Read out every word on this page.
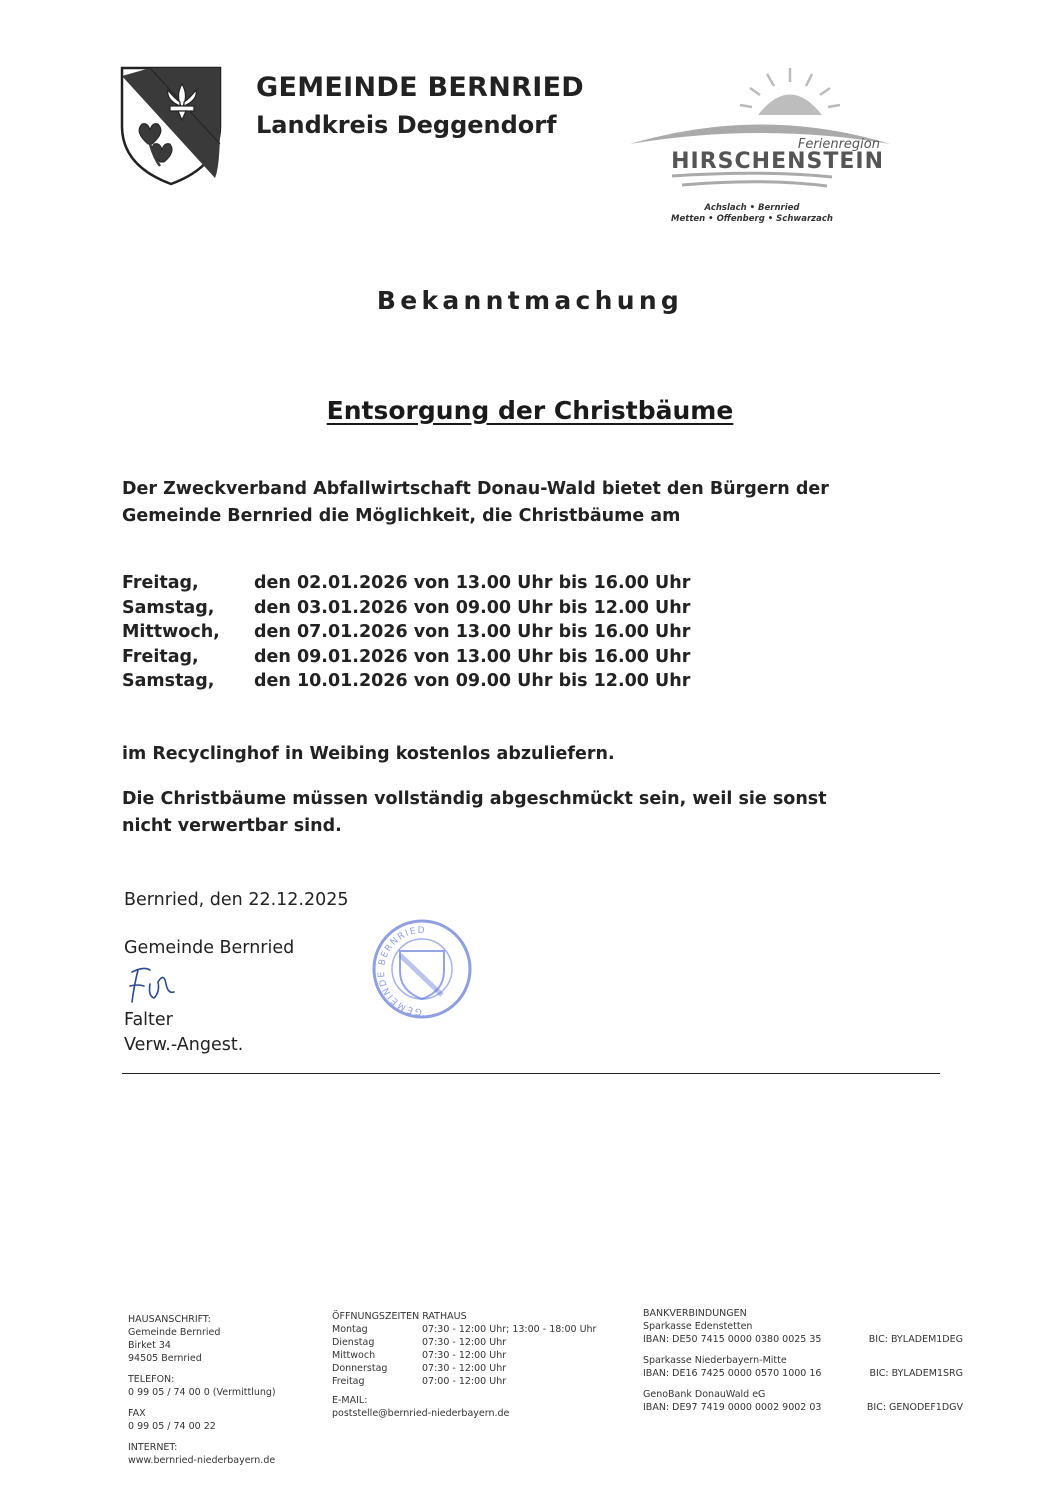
GEMEINDE BERNRIED
Landkreis Deggendorf
Ferienregion
HIRSCHENSTEIN
Achslach • Bernried
Metten • Offenberg • Schwarzach
Bekanntmachung
Entsorgung der Christbäume
Der Zweckverband Abfallwirtschaft Donau-Wald bietet den Bürgern der Gemeinde Bernried die Möglichkeit, die Christbäume am
Freitag,	den 02.01.2026 von 13.00 Uhr bis 16.00 Uhr
Samstag,	den 03.01.2026 von 09.00 Uhr bis 12.00 Uhr
Mittwoch,	den 07.01.2026 von 13.00 Uhr bis 16.00 Uhr
Freitag,	den 09.01.2026 von 13.00 Uhr bis 16.00 Uhr
Samstag,	den 10.01.2026 von 09.00 Uhr bis 12.00 Uhr
im Recyclinghof in Weibing kostenlos abzuliefern.
Die Christbäume müssen vollständig abgeschmückt sein, weil sie sonst nicht verwertbar sind.
Bernried, den 22.12.2025
Gemeinde Bernried
Falter
Verw.-Angest.
GEMEINDE BERNRIED
HAUSANSCHRIFT:
Gemeinde Bernried
Birket 34
94505 Bernried
TELEFON:
0 99 05 / 74 00 0 (Vermittlung)
FAX
0 99 05 / 74 00 22
INTERNET:
www.bernried-niederbayern.de
ÖFFNUNGSZEITEN RATHAUS
Montag	07:30 - 12:00 Uhr; 13:00 - 18:00 Uhr
Dienstag	07:30 - 12:00 Uhr
Mittwoch	07:30 - 12:00 Uhr
Donnerstag	07:30 - 12:00 Uhr
Freitag	07:00 - 12:00 Uhr
E-MAIL:
poststelle@bernried-niederbayern.de
BANKVERBINDUNGEN
Sparkasse Edenstetten
IBAN: DE50 7415 0000 0380 0025 35	BIC: BYLADEM1DEG
Sparkasse Niederbayern-Mitte
IBAN: DE16 7425 0000 0570 1000 16	BIC: BYLADEM1SRG
GenoBank DonauWald eG
IBAN: DE97 7419 0000 0002 9002 03	BIC: GENODEF1DGV
